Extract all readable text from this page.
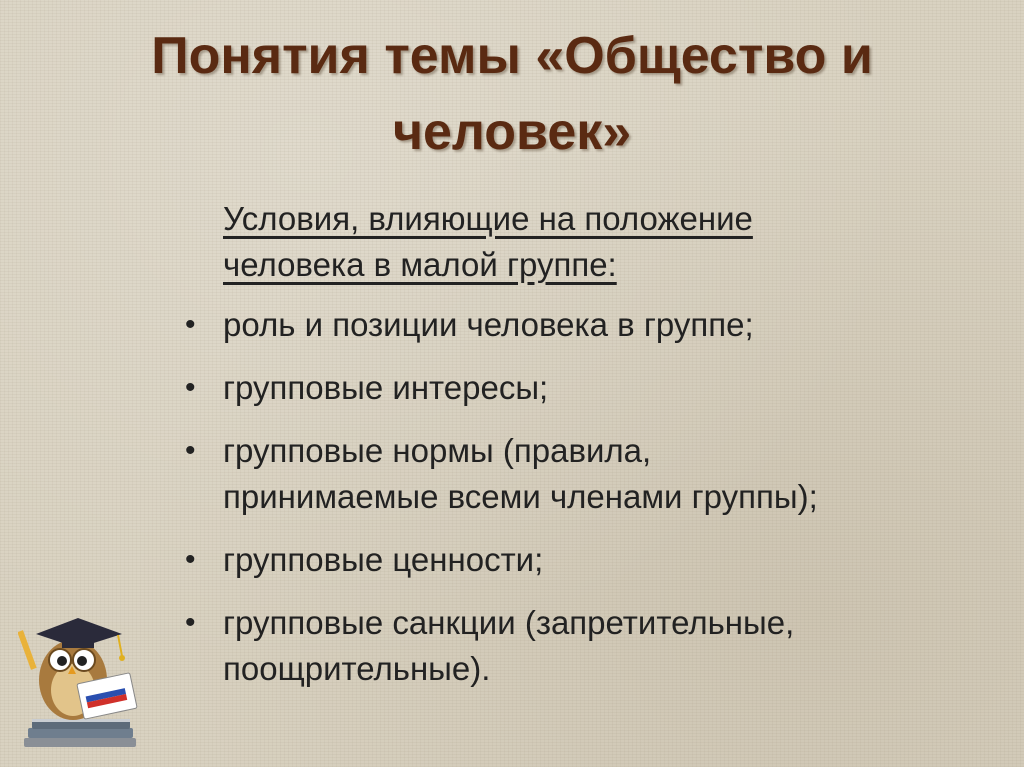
Понятия темы «Общество и
человек»
Условия, влияющие на положение
человека в малой группе:
• роль и позиции человека в группе;
• групповые интересы;
• групповые нормы (правила,
принимаемые всеми членами группы);
• групповые ценности;
• групповые санкции (запретительные,
поощрительные).
